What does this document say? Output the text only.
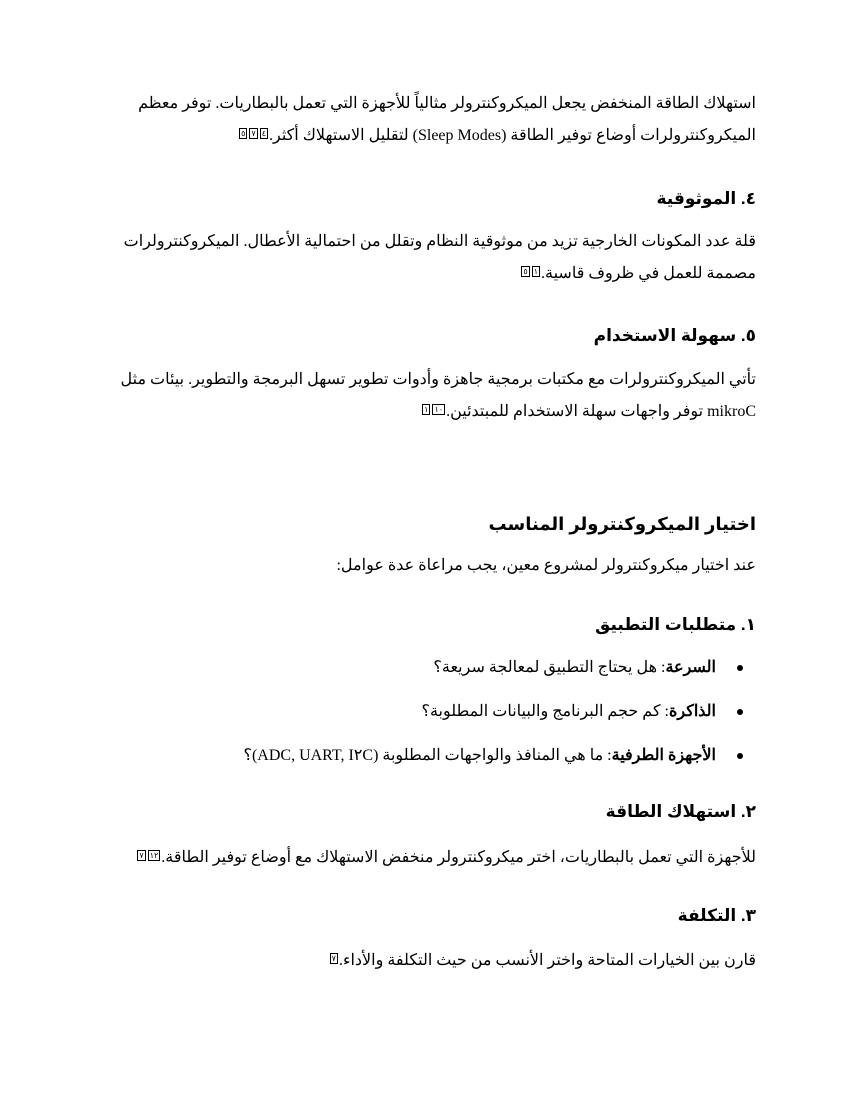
استهلاك الطاقة المنخفض يجعل الميكروكنترولر مثالياً للأجهزة التي تعمل بالبطاريات. توفر معظم
الميكروكنترولرات أوضاع توفير الطاقة (Sleep Modes) لتقليل الاستهلاك أكثر.٤٧٥
٤. الموثوقية
قلة عدد المكونات الخارجية تزيد من موثوقية النظام وتقلل من احتمالية الأعطال. الميكروكنترولرات
مصممة للعمل في ظروف قاسية.١٥
٥. سهولة الاستخدام
تأتي الميكروكنترولرات مع مكتبات برمجية جاهزة وأدوات تطوير تسهل البرمجة والتطوير. بيئات مثل
mikroC توفر واجهات سهلة الاستخدام للمبتدئين.١٠١
اختيار الميكروكنترولر المناسب
عند اختيار ميكروكنترولر لمشروع معين، يجب مراعاة عدة عوامل:
١. متطلبات التطبيق
السرعة: هل يحتاج التطبيق لمعالجة سريعة؟
الذاكرة: كم حجم البرنامج والبيانات المطلوبة؟
الأجهزة الطرفية: ما هي المنافذ والواجهات المطلوبة (ADC, UART, I٢C)؟
٢. استهلاك الطاقة
للأجهزة التي تعمل بالبطاريات، اختر ميكروكنترولر منخفض الاستهلاك مع أوضاع توفير الطاقة.١٢٧
٣. التكلفة
قارن بين الخيارات المتاحة واختر الأنسب من حيث التكلفة والأداء.٧
